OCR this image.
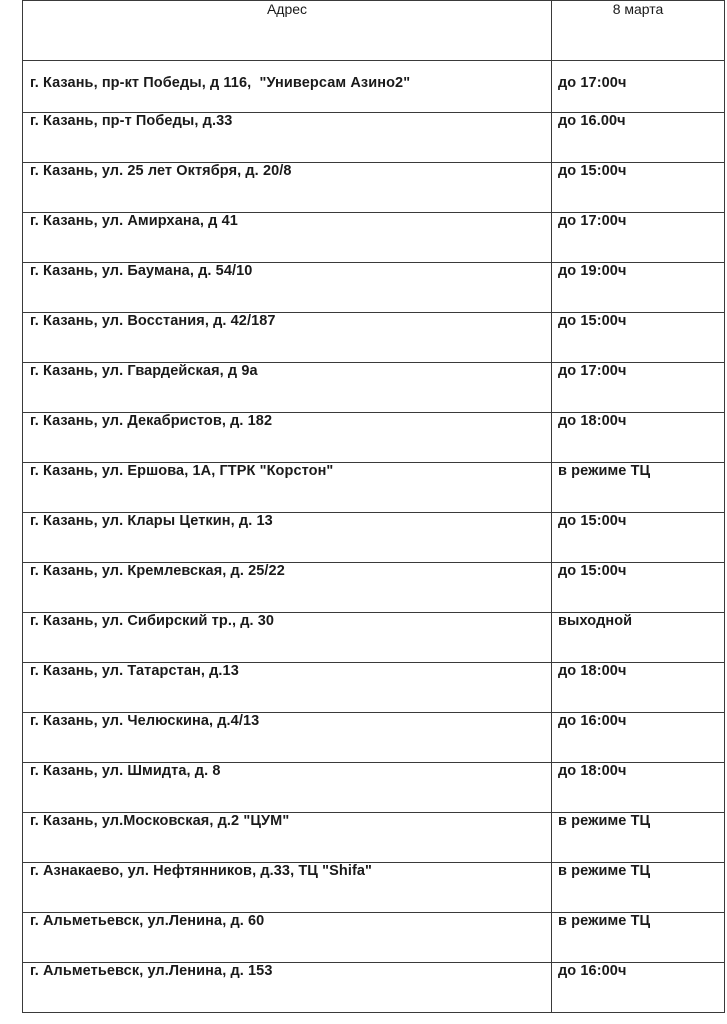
Адрес	8 марта
г. Казань, пр-кт Победы, д 116,  "Универсам Азино2"	до 17:00ч
г. Казань, пр-т Победы, д.33	до 16.00ч
г. Казань, ул. 25 лет Октября, д. 20/8	до 15:00ч
г. Казань, ул. Амирхана, д 41	до 17:00ч
г. Казань, ул. Баумана, д. 54/10	до 19:00ч
г. Казань, ул. Восстания, д. 42/187	до 15:00ч
г. Казань, ул. Гвардейская, д 9а	до 17:00ч
г. Казань, ул. Декабристов, д. 182	до 18:00ч
г. Казань, ул. Ершова, 1А, ГТРК "Корстон"	в режиме ТЦ
г. Казань, ул. Клары Цеткин, д. 13	до 15:00ч
г. Казань, ул. Кремлевская, д. 25/22	до 15:00ч
г. Казань, ул. Сибирский тр., д. 30	выходной
г. Казань, ул. Татарстан, д.13	до 18:00ч
г. Казань, ул. Челюскина, д.4/13	до 16:00ч
г. Казань, ул. Шмидта, д. 8	до 18:00ч
г. Казань, ул.Московская, д.2 "ЦУМ"	в режиме ТЦ
г. Азнакаево, ул. Нефтянников, д.33, ТЦ "Shifa"	в режиме ТЦ
г. Альметьевск, ул.Ленина, д. 60	в режиме ТЦ
г. Альметьевск, ул.Ленина, д. 153	до 16:00ч
